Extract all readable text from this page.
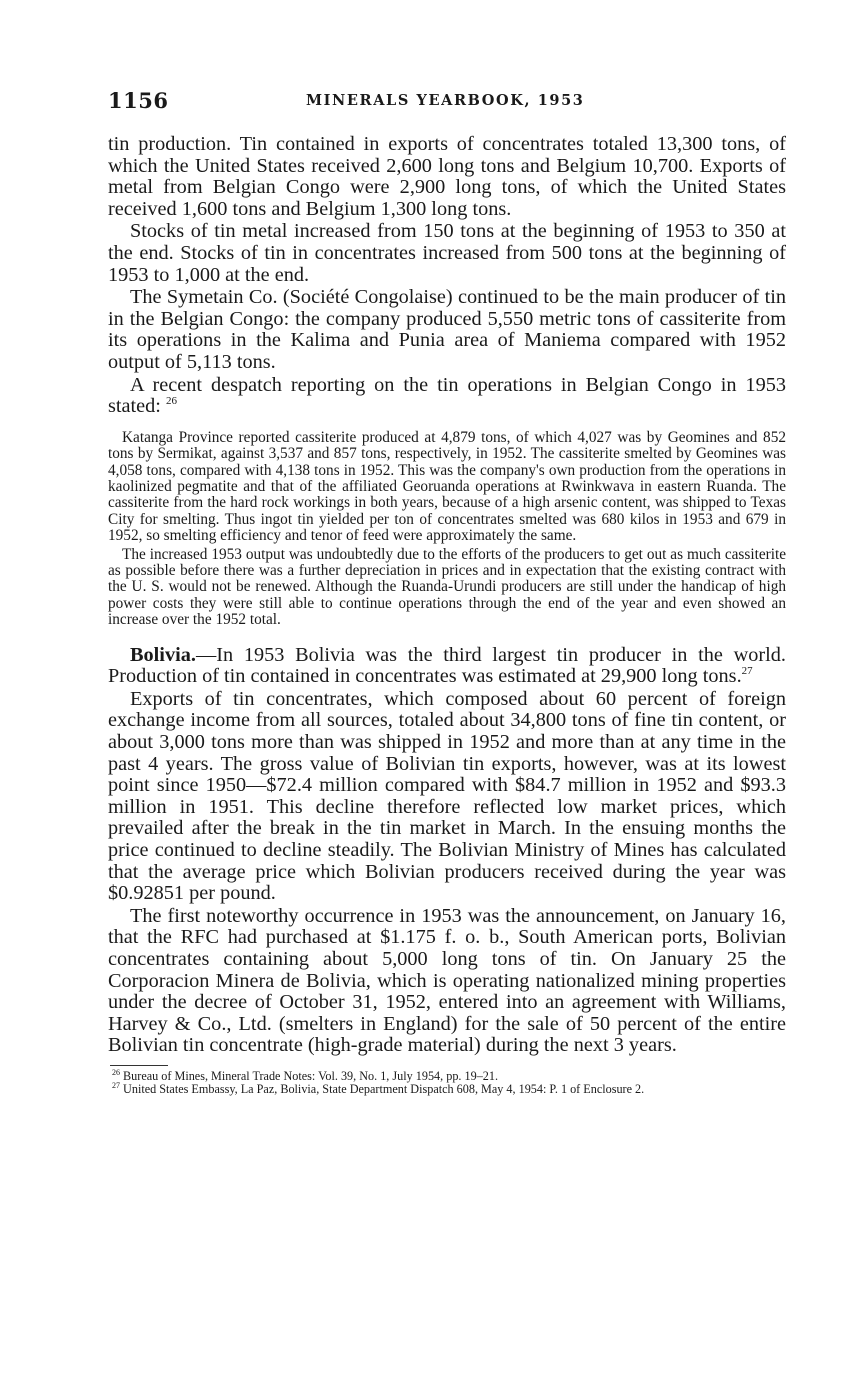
1156	MINERALS YEARBOOK, 1953

tin production. Tin contained in exports of concentrates totaled 13,300 tons, of which the United States received 2,600 long tons and Belgium 10,700. Exports of metal from Belgian Congo were 2,900 long tons, of which the United States received 1,600 tons and Belgium 1,300 long tons.

Stocks of tin metal increased from 150 tons at the beginning of 1953 to 350 at the end. Stocks of tin in concentrates increased from 500 tons at the beginning of 1953 to 1,000 at the end.

The Symetain Co. (Société Congolaise) continued to be the main producer of tin in the Belgian Congo: the company produced 5,550 metric tons of cassiterite from its operations in the Kalima and Punia area of Maniema compared with 1952 output of 5,113 tons.

A recent despatch reporting on the tin operations in Belgian Congo in 1953 stated: $^{26}$

Katanga Province reported cassiterite produced at 4,879 tons, of which 4,027 was by Geomines and 852 tons by Sermikat, against 3,537 and 857 tons, respectively, in 1952. The cassiterite smelted by Geomines was 4,058 tons, compared with 4,138 tons in 1952. This was the company's own production from the operations in kaolinized pegmatite and that of the affiliated Georuanda operations at Rwinkwava in eastern Ruanda. The cassiterite from the hard rock workings in both years, because of a high arsenic content, was shipped to Texas City for smelting. Thus ingot tin yielded per ton of concentrates smelted was 680 kilos in 1953 and 679 in 1952, so smelting efficiency and tenor of feed were approximately the same.

The increased 1953 output was undoubtedly due to the efforts of the producers to get out as much cassiterite as possible before there was a further depreciation in prices and in expectation that the existing contract with the U. S. would not be renewed. Although the Ruanda-Urundi producers are still under the handicap of high power costs they were still able to continue operations through the end of the year and even showed an increase over the 1952 total.

Bolivia.—In 1953 Bolivia was the third largest tin producer in the world. Production of tin contained in concentrates was estimated at 29,900 long tons.$^{27}$

Exports of tin concentrates, which composed about 60 percent of foreign exchange income from all sources, totaled about 34,800 tons of fine tin content, or about 3,000 tons more than was shipped in 1952 and more than at any time in the past 4 years. The gross value of Bolivian tin exports, however, was at its lowest point since 1950—$72.4 million compared with $84.7 million in 1952 and $93.3 million in 1951. This decline therefore reflected low market prices, which prevailed after the break in the tin market in March. In the ensuing months the price continued to decline steadily. The Bolivian Ministry of Mines has calculated that the average price which Bolivian producers received during the year was $0.92851 per pound.

The first noteworthy occurrence in 1953 was the announcement, on January 16, that the RFC had purchased at $1.175 f. o. b., South American ports, Bolivian concentrates containing about 5,000 long tons of tin. On January 25 the Corporacion Minera de Bolivia, which is operating nationalized mining properties under the decree of October 31, 1952, entered into an agreement with Williams, Harvey & Co., Ltd. (smelters in England) for the sale of 50 percent of the entire Bolivian tin concentrate (high-grade material) during the next 3 years.

$^{26}$ Bureau of Mines, Mineral Trade Notes: Vol. 39, No. 1, July 1954, pp. 19–21.

$^{27}$ United States Embassy, La Paz, Bolivia, State Department Dispatch 608, May 4, 1954: P. 1 of Enclosure 2.
